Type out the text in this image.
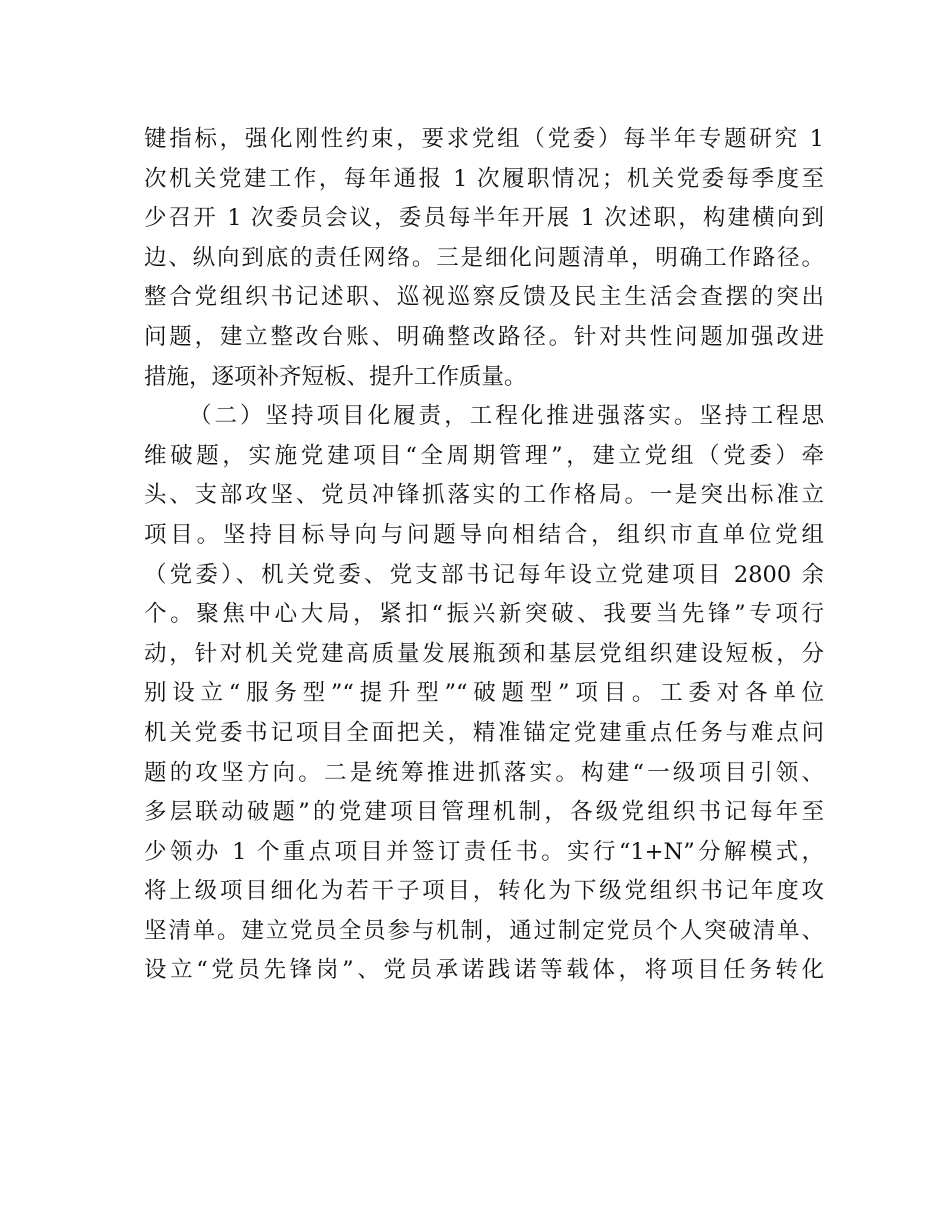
键指标，强化刚性约束，要求党组（党委）每半年专题研究 1
次机关党建工作，每年通报 1 次履职情况；机关党委每季度至
少召开 1 次委员会议，委员每半年开展 1 次述职，构建横向到
边、纵向到底的责任网络。三是细化问题清单，明确工作路径。
整合党组织书记述职、巡视巡察反馈及民主生活会查摆的突出
问题，建立整改台账、明确整改路径。针对共性问题加强改进
措施，逐项补齐短板、提升工作质量。
（二）坚持项目化履责，工程化推进强落实。坚持工程思
维破题，实施党建项目“全周期管理”，建立党组（党委）牵
头、支部攻坚、党员冲锋抓落实的工作格局。一是突出标准立
项目。坚持目标导向与问题导向相结合，组织市直单位党组
（党委）、机关党委、党支部书记每年设立党建项目 2800 余
个。聚焦中心大局，紧扣“振兴新突破、我要当先锋”专项行
动，针对机关党建高质量发展瓶颈和基层党组织建设短板，分
别设立“服务型”“提升型”“破题型”项目。工委对各单位
机关党委书记项目全面把关，精准锚定党建重点任务与难点问
题的攻坚方向。二是统筹推进抓落实。构建“一级项目引领、
多层联动破题”的党建项目管理机制，各级党组织书记每年至
少领办 1 个重点项目并签订责任书。实行“1+N”分解模式，
将上级项目细化为若干子项目，转化为下级党组织书记年度攻
坚清单。建立党员全员参与机制，通过制定党员个人突破清单、
设立“党员先锋岗”、党员承诺践诺等载体，将项目任务转化
